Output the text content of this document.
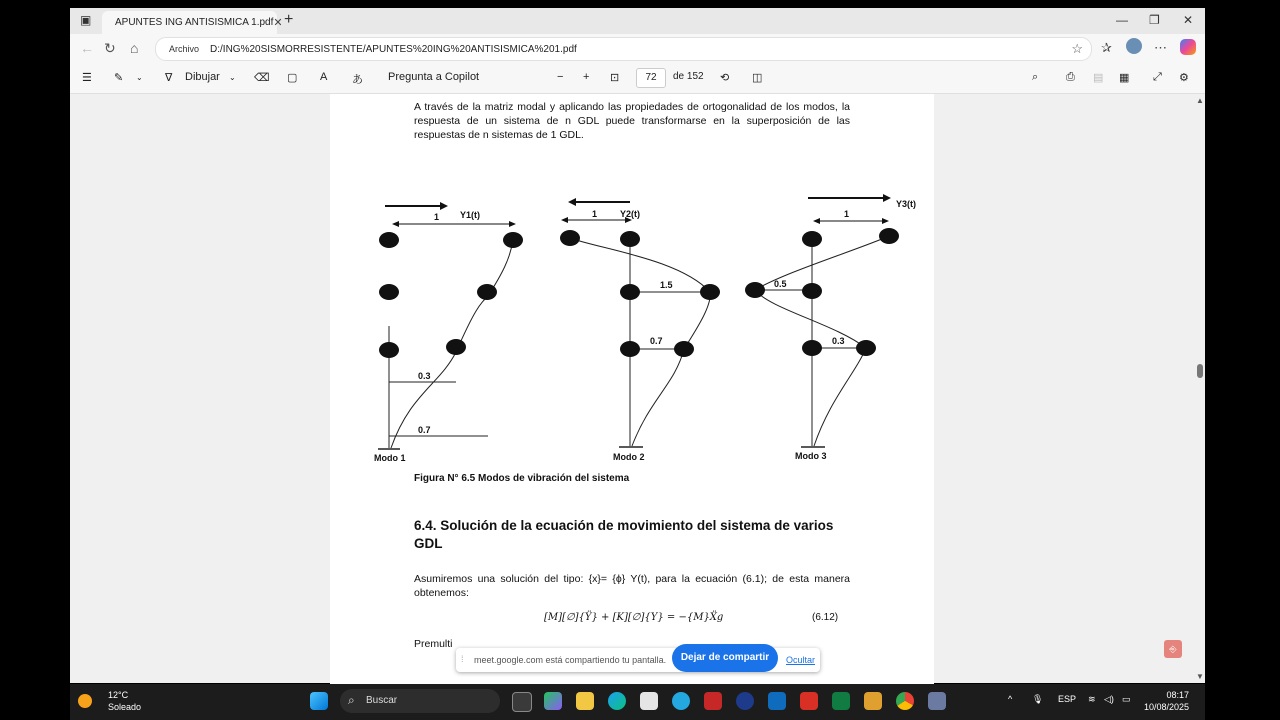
▣ APUNTES ING ANTISISMICA 1.pdf ✕ +	— ❐ ✕
← ↻ ⌂	Archivo	D:/ING%20SISMORRESISTENTE/APUNTES%20ING%20ANTISISMICA%201.pdf	☆ ✰	⋯
☰ ✎ ⌄ ∇ Dibujar ⌄ ⌫ ▢ A あ Pregunta a Copilot	− + ⊡	72	de 152 ⟲ ◫	⌕	⎙ ▤ ▦ ⤢ ⚙

A través de la matriz modal y aplicando las propiedades de ortogonalidad de los modos, la respuesta de un sistema de n GDL puede transformarse en la superposición de las respuestas de n sistemas de 1 GDL.

1 Y1(t)
0.7
0.3
Modo 1
1	Y2(t)
1.5
0.7
Modo 2
1
Y3(t)
0.5
0.3
Modo 3
Figura N° 6.5 Modos de vibración del sistema
6.4. Solución de la ecuación de movimiento del sistema de varios GDL

Asumiremos una solución del tipo: {x}= {ϕ} Y(t), para la ecuación (6.1); de esta manera obtenemos:

[M][∅]{Ÿ} + [K][∅]{Y} = −{M}Ẍg	(6.12)
Premulti
▲
▼
⎆
⁞ meet.google.com está compartiendo tu pantalla.	Dejar de compartir	Ocultar
12°C
Soleado	⌕ Buscar	^ 🎙 ESP ≋ ◁) ▭	08:17
10/08/2025
